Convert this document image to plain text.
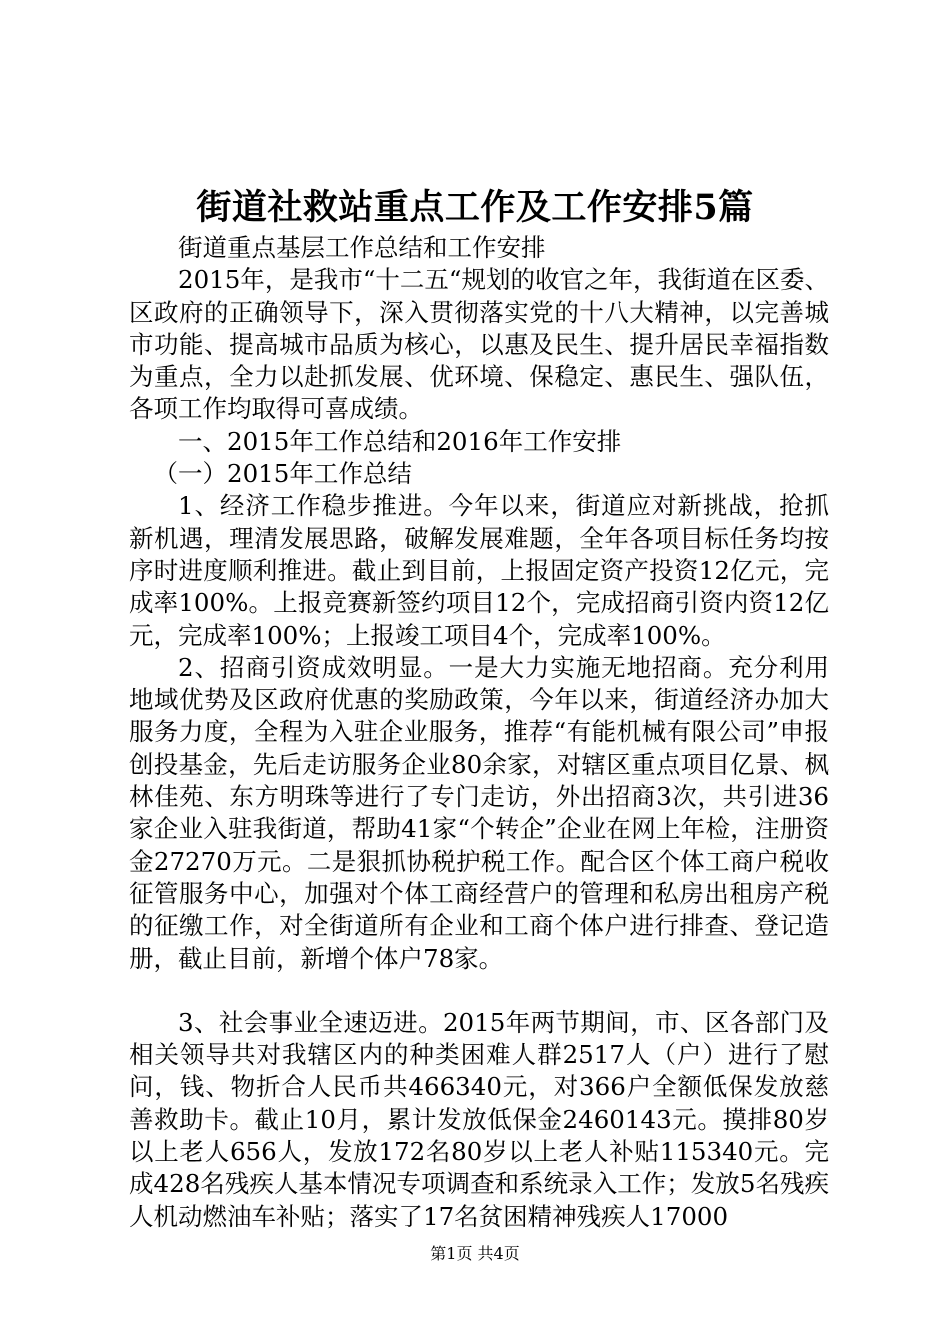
街道社救站重点工作及工作安排5篇

街道重点基层工作总结和工作安排

2015年，是我市“十二五“规划的收官之年，我街道在区委、区政府的正确领导下，深入贯彻落实党的十八大精神，以完善城市功能、提高城市品质为核心，以惠及民生、提升居民幸福指数为重点，全力以赴抓发展、优环境、保稳定、惠民生、强队伍，各项工作均取得可喜成绩。

一、2015年工作总结和2016年工作安排

（一）2015年工作总结

1、经济工作稳步推进。今年以来，街道应对新挑战，抢抓新机遇，理清发展思路，破解发展难题，全年各项目标任务均按序时进度顺利推进。截止到目前，上报固定资产投资12亿元，完成率100%。上报竞赛新签约项目12个，完成招商引资内资12亿元，完成率100%；上报竣工项目4个，完成率100%。

2、招商引资成效明显。一是大力实施无地招商。充分利用地域优势及区政府优惠的奖励政策，今年以来，街道经济办加大服务力度，全程为入驻企业服务，推荐“有能机械有限公司”申报创投基金，先后走访服务企业80余家，对辖区重点项目亿景、枫林佳苑、东方明珠等进行了专门走访，外出招商3次，共引进36家企业入驻我街道，帮助41家“个转企”企业在网上年检，注册资金27270万元。二是狠抓协税护税工作。配合区个体工商户税收征管服务中心，加强对个体工商经营户的管理和私房出租房产税的征缴工作，对全街道所有企业和工商个体户进行排查、登记造册，截止目前，新增个体户78家。

3、社会事业全速迈进。2015年两节期间，市、区各部门及相关领导共对我辖区内的种类困难人群2517人（户）进行了慰问，钱、物折合人民币共466340元，对366户全额低保发放慈善救助卡。截止10月，累计发放低保金2460143元。摸排80岁以上老人656人，发放172名80岁以上老人补贴115340元。完成428名残疾人基本情况专项调查和系统录入工作；发放5名残疾人机动燃油车补贴；落实了17名贫困精神残疾人17000

第1页 共4页
